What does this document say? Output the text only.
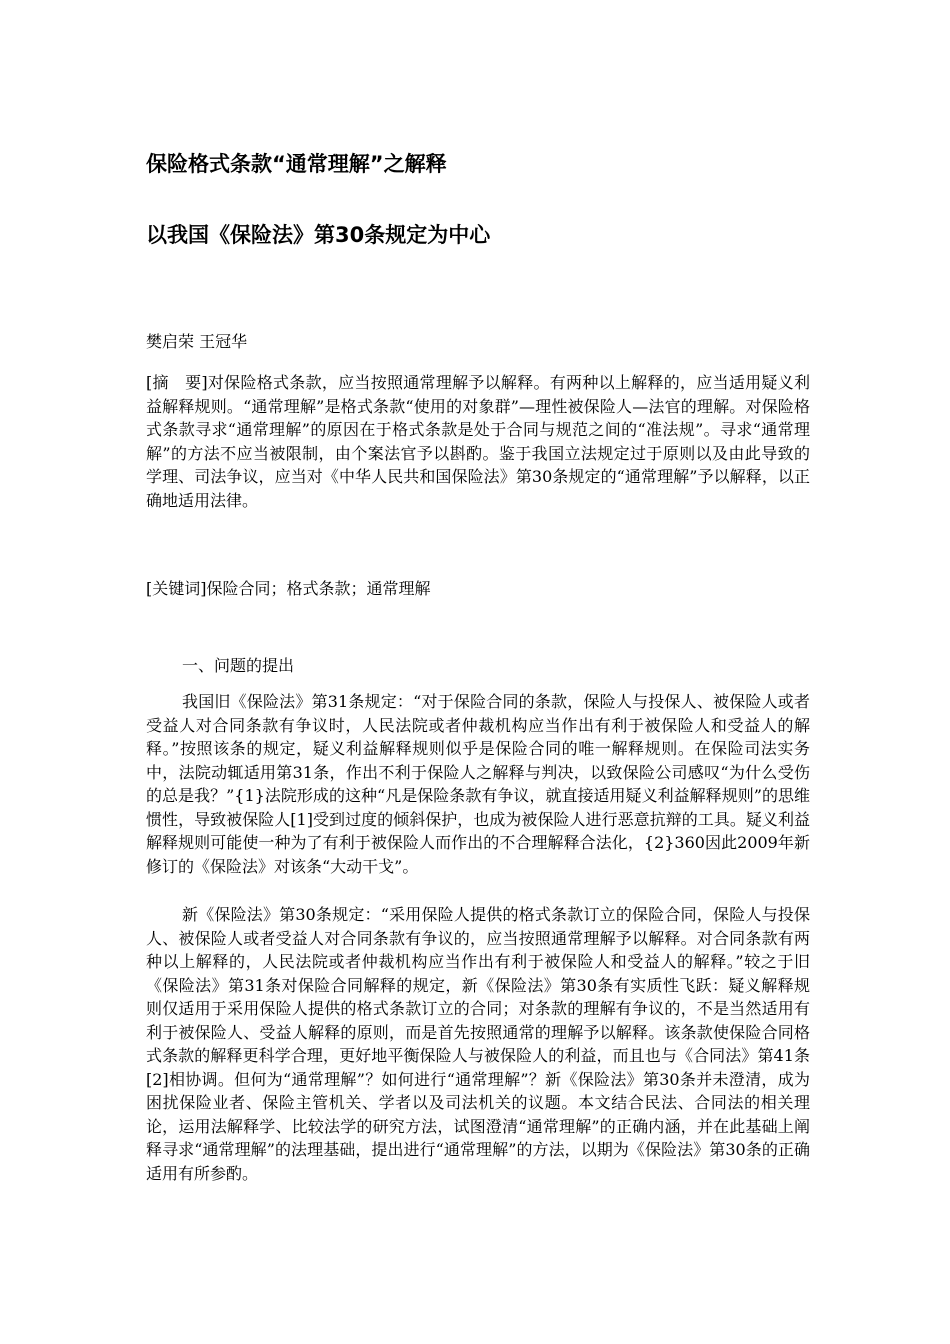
保险格式条款“通常理解”之解释
以我国《保险法》第30条规定为中心

樊启荣 王冠华

[摘　要]对保险格式条款，应当按照通常理解予以解释。有两种以上解释的，应当适用疑义利益解释规则。“通常理解”是格式条款“使用的对象群”—理性被保险人—法官的理解。对保险格式条款寻求“通常理解”的原因在于格式条款是处于合同与规范之间的“准法规”。寻求“通常理解”的方法不应当被限制，由个案法官予以斟酌。鉴于我国立法规定过于原则以及由此导致的学理、司法争议，应当对《中华人民共和国保险法》第30条规定的“通常理解”予以解释，以正确地适用法律。

[关键词]保险合同；格式条款；通常理解

一、问题的提出

我国旧《保险法》第31条规定：“对于保险合同的条款，保险人与投保人、被保险人或者受益人对合同条款有争议时，人民法院或者仲裁机构应当作出有利于被保险人和受益人的解释。”按照该条的规定，疑义利益解释规则似乎是保险合同的唯一解释规则。在保险司法实务中，法院动辄适用第31条，作出不利于保险人之解释与判决，以致保险公司感叹“为什么受伤的总是我？”{1}法院形成的这种“凡是保险条款有争议，就直接适用疑义利益解释规则”的思维惯性，导致被保险人[1]受到过度的倾斜保护，也成为被保险人进行恶意抗辩的工具。疑义利益解释规则可能使一种为了有利于被保险人而作出的不合理解释合法化，{2}360因此2009年新修订的《保险法》对该条“大动干戈”。

新《保险法》第30条规定：“采用保险人提供的格式条款订立的保险合同，保险人与投保人、被保险人或者受益人对合同条款有争议的，应当按照通常理解予以解释。对合同条款有两种以上解释的，人民法院或者仲裁机构应当作出有利于被保险人和受益人的解释。”较之于旧《保险法》第31条对保险合同解释的规定，新《保险法》第30条有实质性飞跃：疑义解释规则仅适用于采用保险人提供的格式条款订立的合同；对条款的理解有争议的，不是当然适用有利于被保险人、受益人解释的原则，而是首先按照通常的理解予以解释。该条款使保险合同格式条款的解释更科学合理，更好地平衡保险人与被保险人的利益，而且也与《合同法》第41条[2]相协调。但何为“通常理解”？如何进行“通常理解”？新《保险法》第30条并未澄清，成为困扰保险业者、保险主管机关、学者以及司法机关的议题。本文结合民法、合同法的相关理论，运用法解释学、比较法学的研究方法，试图澄清“通常理解”的正确内涵，并在此基础上阐释寻求“通常理解”的法理基础，提出进行“通常理解”的方法，以期为《保险法》第30条的正确适用有所参酌。
